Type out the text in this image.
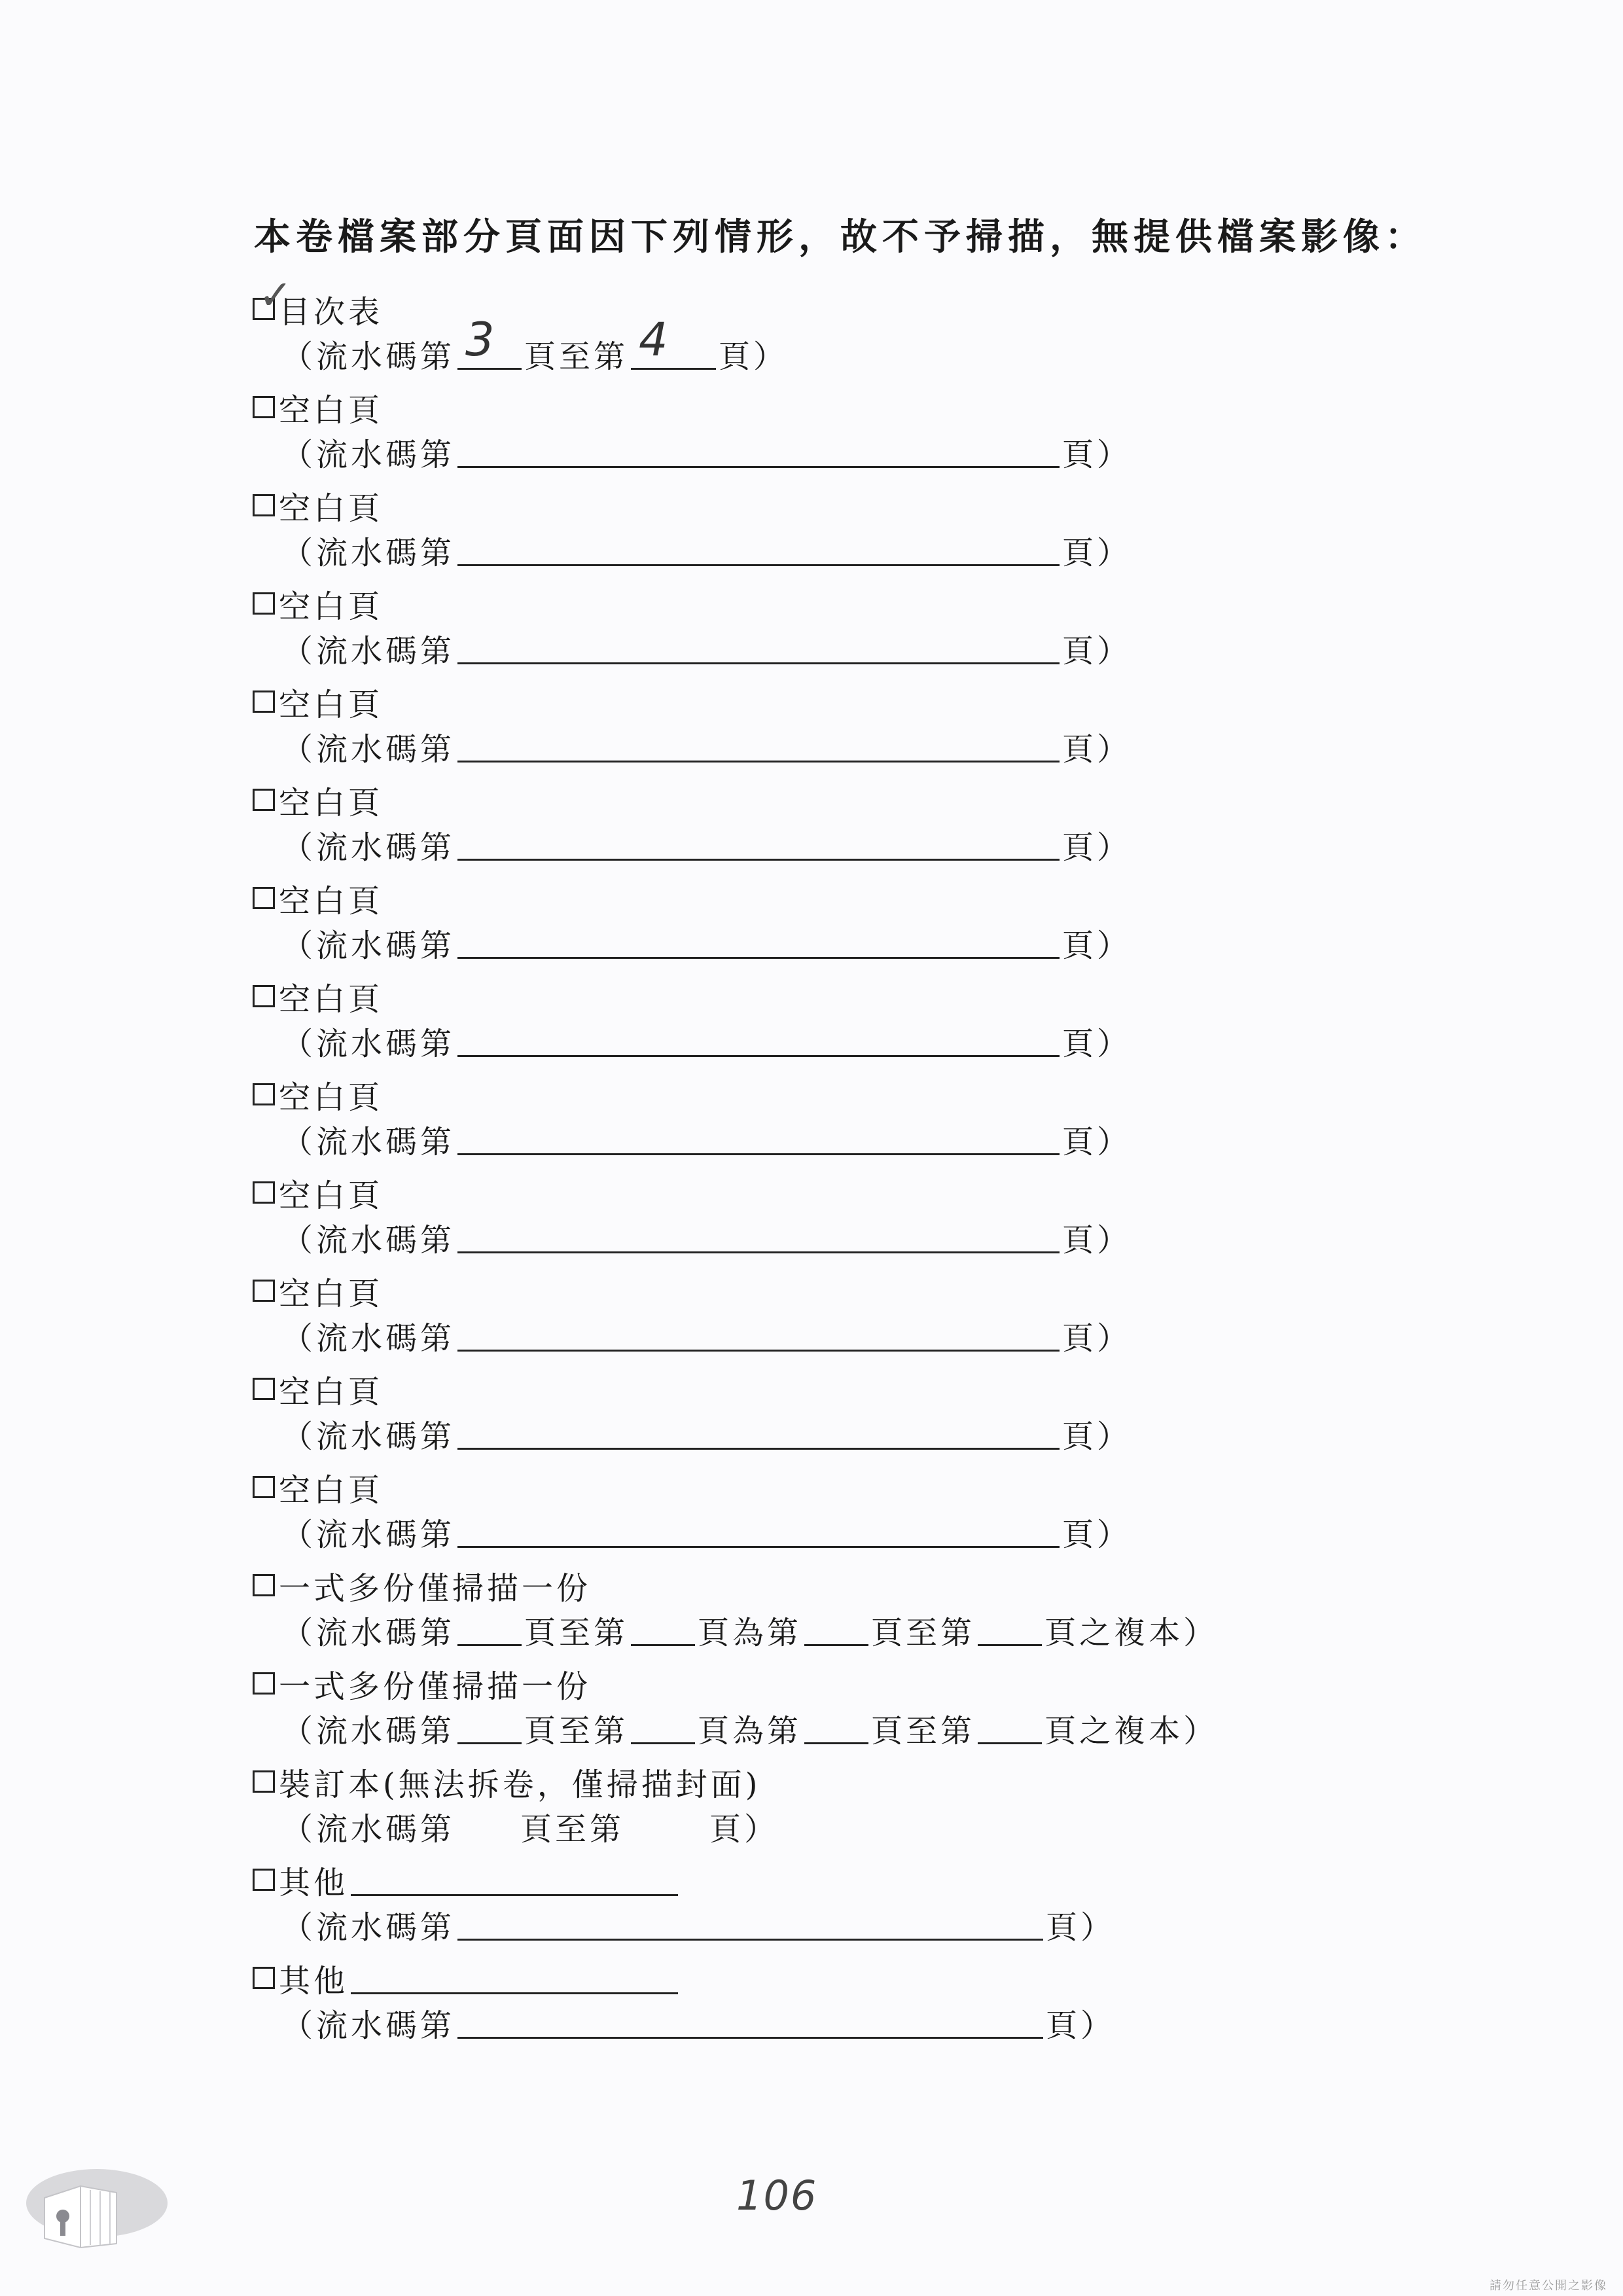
本卷檔案部分頁面因下列情形，故不予掃描，無提供檔案影像：
✓
目次表
（流水碼第 3 頁至第 4 頁）
空白頁
（流水碼第	頁）
空白頁
（流水碼第	頁）
空白頁
（流水碼第	頁）
空白頁
（流水碼第	頁）
空白頁
（流水碼第	頁）
空白頁
（流水碼第	頁）
空白頁
（流水碼第	頁）
空白頁
（流水碼第	頁）
空白頁
（流水碼第	頁）
空白頁
（流水碼第	頁）
空白頁
（流水碼第	頁）
空白頁
（流水碼第	頁）
一式多份僅掃描一份
（流水碼第 頁至第 頁為第 頁至第 頁之複本）
一式多份僅掃描一份
（流水碼第 頁至第 頁為第 頁至第 頁之複本）
裝訂本(無法拆卷，僅掃描封面)
（流水碼第 頁至第	頁）
其他
（流水碼第	頁）
其他
（流水碼第	頁）
106
請勿任意公開之影像
